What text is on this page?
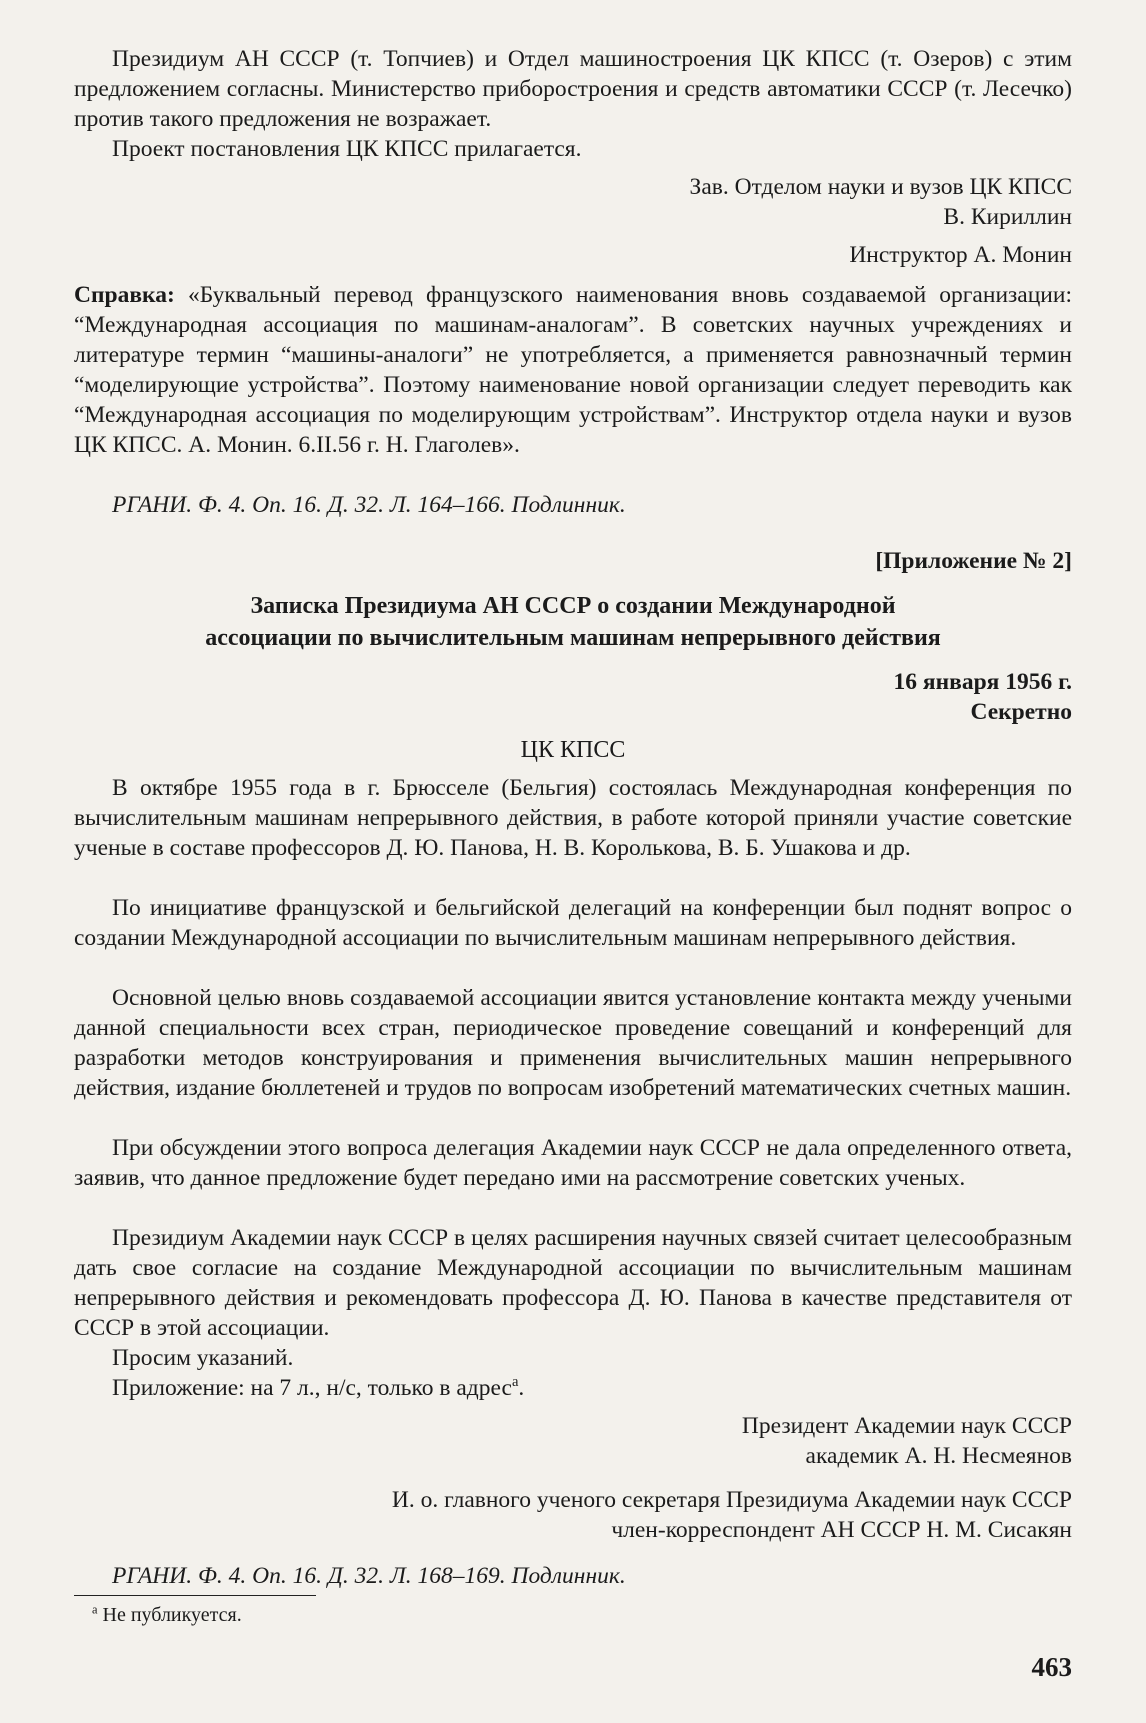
Президиум АН СССР (т. Топчиев) и Отдел машиностроения ЦК КПСС (т. Озеров) с этим предложением согласны. Министерство приборостроения и средств автоматики СССР (т. Лесечко) против такого предложения не возражает.

Проект постановления ЦК КПСС прилагается.

Зав. Отделом науки и вузов ЦК КПСС

В. Кириллин

Инструктор А. Монин

Справка: «Буквальный перевод французского наименования вновь создаваемой организации: “Международная ассоциация по машинам-аналогам”. В советских научных учреждениях и литературе термин “машины-аналоги” не употребляется, а применяется равнозначный термин “моделирующие устройства”. Поэтому наименование новой организации следует переводить как “Международная ассоциация по моделирующим устройствам”. Инструктор отдела науки и вузов ЦК КПСС. А. Монин. 6.II.56 г. Н. Глаголев».

РГАНИ. Ф. 4. Оп. 16. Д. 32. Л. 164–166. Подлинник.

[Приложение № 2]

Записка Президиума АН СССР о создании Международной

ассоциации по вычислительным машинам непрерывного действия

16 января 1956 г.

Секретно

ЦК КПСС

В октябре 1955 года в г. Брюсселе (Бельгия) состоялась Международная конференция по вычислительным машинам непрерывного действия, в работе которой приняли участие советские ученые в составе профессоров Д. Ю. Панова, Н. В. Королькова, В. Б. Ушакова и др.

По инициативе французской и бельгийской делегаций на конференции был поднят вопрос о создании Международной ассоциации по вычислительным машинам непрерывного действия.

Основной целью вновь создаваемой ассоциации явится установление контакта между учеными данной специальности всех стран, периодическое проведение совещаний и конференций для разработки методов конструирования и применения вычислительных машин непрерывного действия, издание бюллетеней и трудов по вопросам изобретений математических счетных машин.

При обсуждении этого вопроса делегация Академии наук СССР не дала определенного ответа, заявив, что данное предложение будет передано ими на рассмотрение советских ученых.

Президиум Академии наук СССР в целях расширения научных связей считает целесообразным дать свое согласие на создание Международной ассоциации по вычислительным машинам непрерывного действия и рекомендовать профессора Д. Ю. Панова в качестве представителя от СССР в этой ассоциации.

Просим указаний.

Приложение: на 7 л., н/с, только в адрес$^а$.

Президент Академии наук СССР

академик А. Н. Несмеянов

И. о. главного ученого секретаря Президиума Академии наук СССР

член-корреспондент АН СССР Н. М. Сисакян

РГАНИ. Ф. 4. Оп. 16. Д. 32. Л. 168–169. Подлинник.

$^а$ Не публикуется.

463
